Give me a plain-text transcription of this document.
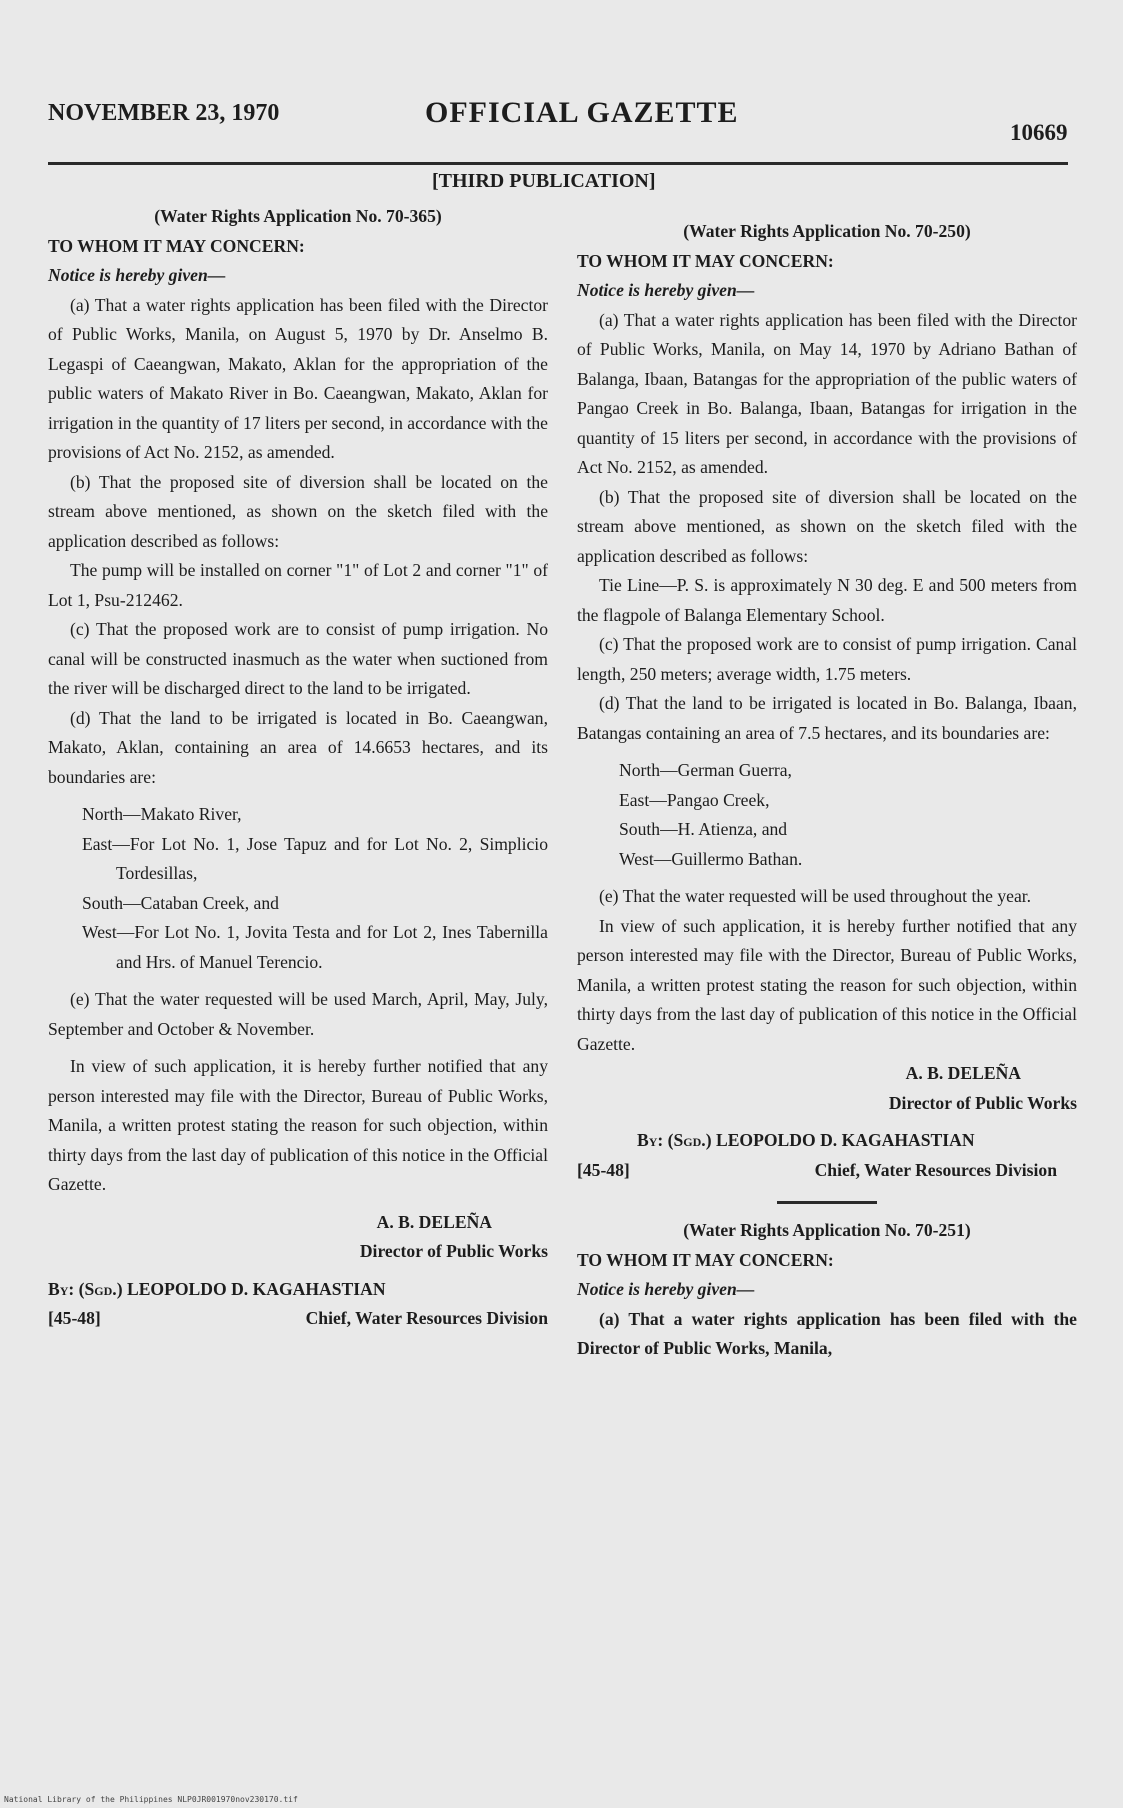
NOVEMBER 23, 1970	OFFICIAL GAZETTE
10669
[THIRD PUBLICATION]

(Water Rights Application No. 70-365)

TO WHOM IT MAY CONCERN:

Notice is hereby given—

(a) That a water rights application has been filed with the Director of Public Works, Manila, on August 5, 1970 by Dr. Anselmo B. Legaspi of Caeangwan, Makato, Aklan for the appropriation of the public waters of Makato River in Bo. Caeangwan, Makato, Aklan for irrigation in the quantity of 17 liters per second, in accordance with the provisions of Act No. 2152, as amended.

(b) That the proposed site of diversion shall be located on the stream above mentioned, as shown on the sketch filed with the application described as follows:

The pump will be installed on corner "1" of Lot 2 and corner "1" of Lot 1, Psu-212462.

(c) That the proposed work are to consist of pump irrigation. No canal will be constructed inasmuch as the water when suctioned from the river will be discharged direct to the land to be irrigated.

(d) That the land to be irrigated is located in Bo. Caeangwan, Makato, Aklan, containing an area of 14.6653 hectares, and its boundaries are:

North—Makato River,

East—For Lot No. 1, Jose Tapuz and for Lot No. 2, Simplicio Tordesillas,

South—Cataban Creek, and

West—For Lot No. 1, Jovita Testa and for Lot 2, Ines Tabernilla and Hrs. of Manuel Terencio.

(e) That the water requested will be used March, April, May, July, September and October & November.

In view of such application, it is hereby further notified that any person interested may file with the Director, Bureau of Public Works, Manila, a written protest stating the reason for such objection, within thirty days from the last day of publication of this notice in the Official Gazette.

A. B. DELEÑA

Director of Public Works

By: (Sgd.) LEOPOLDO D. KAGAHASTIAN

[45-48]	Chief, Water Resources Division

(Water Rights Application No. 70-250)

TO WHOM IT MAY CONCERN:

Notice is hereby given—

(a) That a water rights application has been filed with the Director of Public Works, Manila, on May 14, 1970 by Adriano Bathan of Balanga, Ibaan, Batangas for the appropriation of the public waters of Pangao Creek in Bo. Balanga, Ibaan, Batangas for irrigation in the quantity of 15 liters per second, in accordance with the provisions of Act No. 2152, as amended.

(b) That the proposed site of diversion shall be located on the stream above mentioned, as shown on the sketch filed with the application described as follows:

Tie Line—P. S. is approximately N 30 deg. E and 500 meters from the flagpole of Balanga Elementary School.

(c) That the proposed work are to consist of pump irrigation. Canal length, 250 meters; average width, 1.75 meters.

(d) That the land to be irrigated is located in Bo. Balanga, Ibaan, Batangas containing an area of 7.5 hectares, and its boundaries are:

North—German Guerra,

East—Pangao Creek,

South—H. Atienza, and

West—Guillermo Bathan.

(e) That the water requested will be used throughout the year.

In view of such application, it is hereby further notified that any person interested may file with the Director, Bureau of Public Works, Manila, a written protest stating the reason for such objection, within thirty days from the last day of publication of this notice in the Official Gazette.

A. B. DELEÑA

Director of Public Works

By: (Sgd.) LEOPOLDO D. KAGAHASTIAN

[45-48]	Chief, Water Resources Division

(Water Rights Application No. 70-251)

TO WHOM IT MAY CONCERN:

Notice is hereby given—

(a) That a water rights application has been filed with the Director of Public Works, Manila,

National Library of the Philippines NLP0JR001970nov230170.tif
